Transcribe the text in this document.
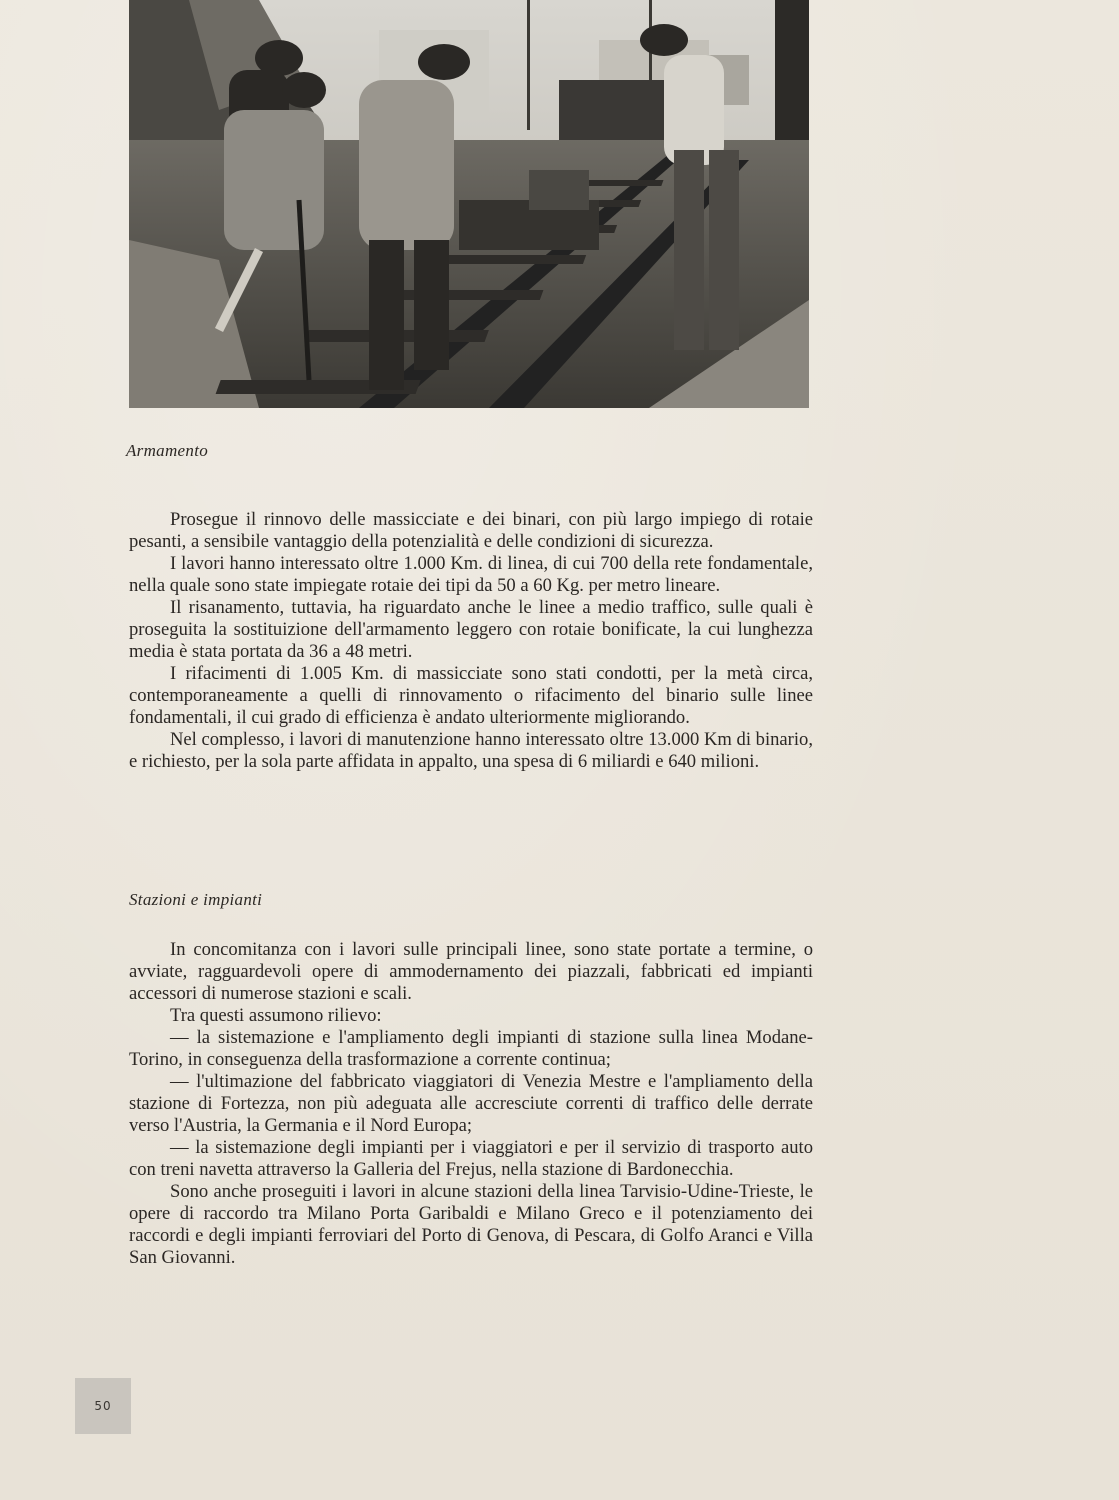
Armamento

Prosegue il rinnovo delle massicciate e dei binari, con più largo impiego di rotaie pesanti, a sensibile vantaggio della potenzialità e delle condizioni di sicurezza.

I lavori hanno interessato oltre 1.000 Km. di linea, di cui 700 della rete fondamentale, nella quale sono state impiegate rotaie dei tipi da 50 a 60 Kg. per metro lineare.

Il risanamento, tuttavia, ha riguardato anche le linee a medio traffico, sulle quali è proseguita la sostituizione dell'armamento leggero con rotaie bonificate, la cui lunghezza media è stata portata da 36 a 48 metri.

I rifacimenti di 1.005 Km. di massicciate sono stati condotti, per la metà circa, contemporaneamente a quelli di rinnovamento o rifacimento del binario sulle linee fondamentali, il cui grado di efficienza è andato ulteriormente migliorando.

Nel complesso, i lavori di manutenzione hanno interessato oltre 13.000 Km di binario, e richiesto, per la sola parte affidata in appalto, una spesa di 6 miliardi e 640 milioni.

Stazioni e impianti

In concomitanza con i lavori sulle principali linee, sono state portate a termine, o avviate, ragguardevoli opere di ammodernamento dei piazzali, fabbricati ed impianti accessori di numerose stazioni e scali.

Tra questi assumono rilievo:

— la sistemazione e l'ampliamento degli impianti di stazione sulla linea Modane-Torino, in conseguenza della trasformazione a corrente continua;

— l'ultimazione del fabbricato viaggiatori di Venezia Mestre e l'ampliamento della stazione di Fortezza, non più adeguata alle accresciute correnti di traffico delle derrate verso l'Austria, la Germania e il Nord Europa;

— la sistemazione degli impianti per i viaggiatori e per il servizio di trasporto auto con treni navetta attraverso la Galleria del Frejus, nella stazione di Bardonecchia.

Sono anche proseguiti i lavori in alcune stazioni della linea Tarvisio-Udine-Trieste, le opere di raccordo tra Milano Porta Garibaldi e Milano Greco e il potenziamento dei raccordi e degli impianti ferroviari del Porto di Genova, di Pescara, di Golfo Aranci e Villa San Giovanni.

50
